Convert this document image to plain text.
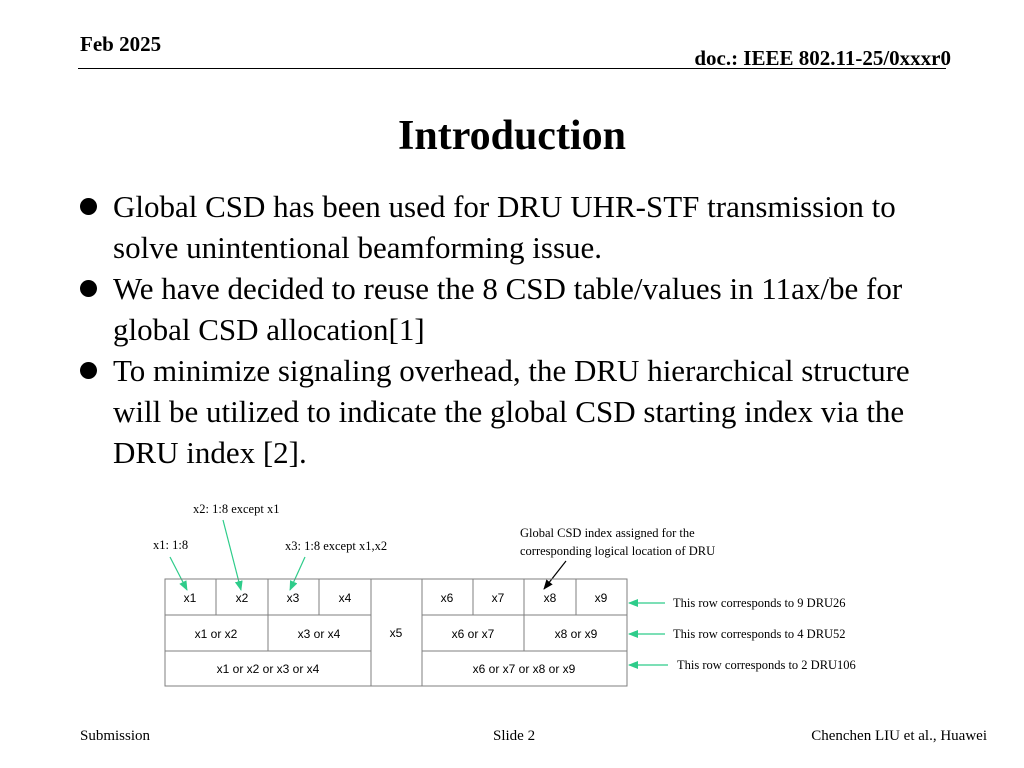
Feb 2025
doc.: IEEE 802.11-25/0xxxr0
Introduction
Global CSD has been used for DRU UHR-STF transmission to solve unintentional beamforming issue.
We have decided to reuse the 8 CSD table/values in 11ax/be for global CSD allocation[1]
To minimize signaling overhead, the DRU hierarchical structure will be utilized to indicate the global CSD starting index via the DRU index [2].
x1: 1:8
x2: 1:8 except x1
x3: 1:8 except x1,x2
Global CSD index assigned for the
corresponding logical location of DRU
x1	x2	x3	x4	x6	x7	x8	x9
x5
x1 or x2	x3 or x4	x6 or x7	x8 or x9
x1 or x2 or x3 or x4	x6 or x7 or x8 or x9
This row corresponds to 9 DRU26
This row corresponds to 4 DRU52
This row corresponds to 2 DRU106
Submission	Slide 2	Chenchen LIU et al., Huawei
